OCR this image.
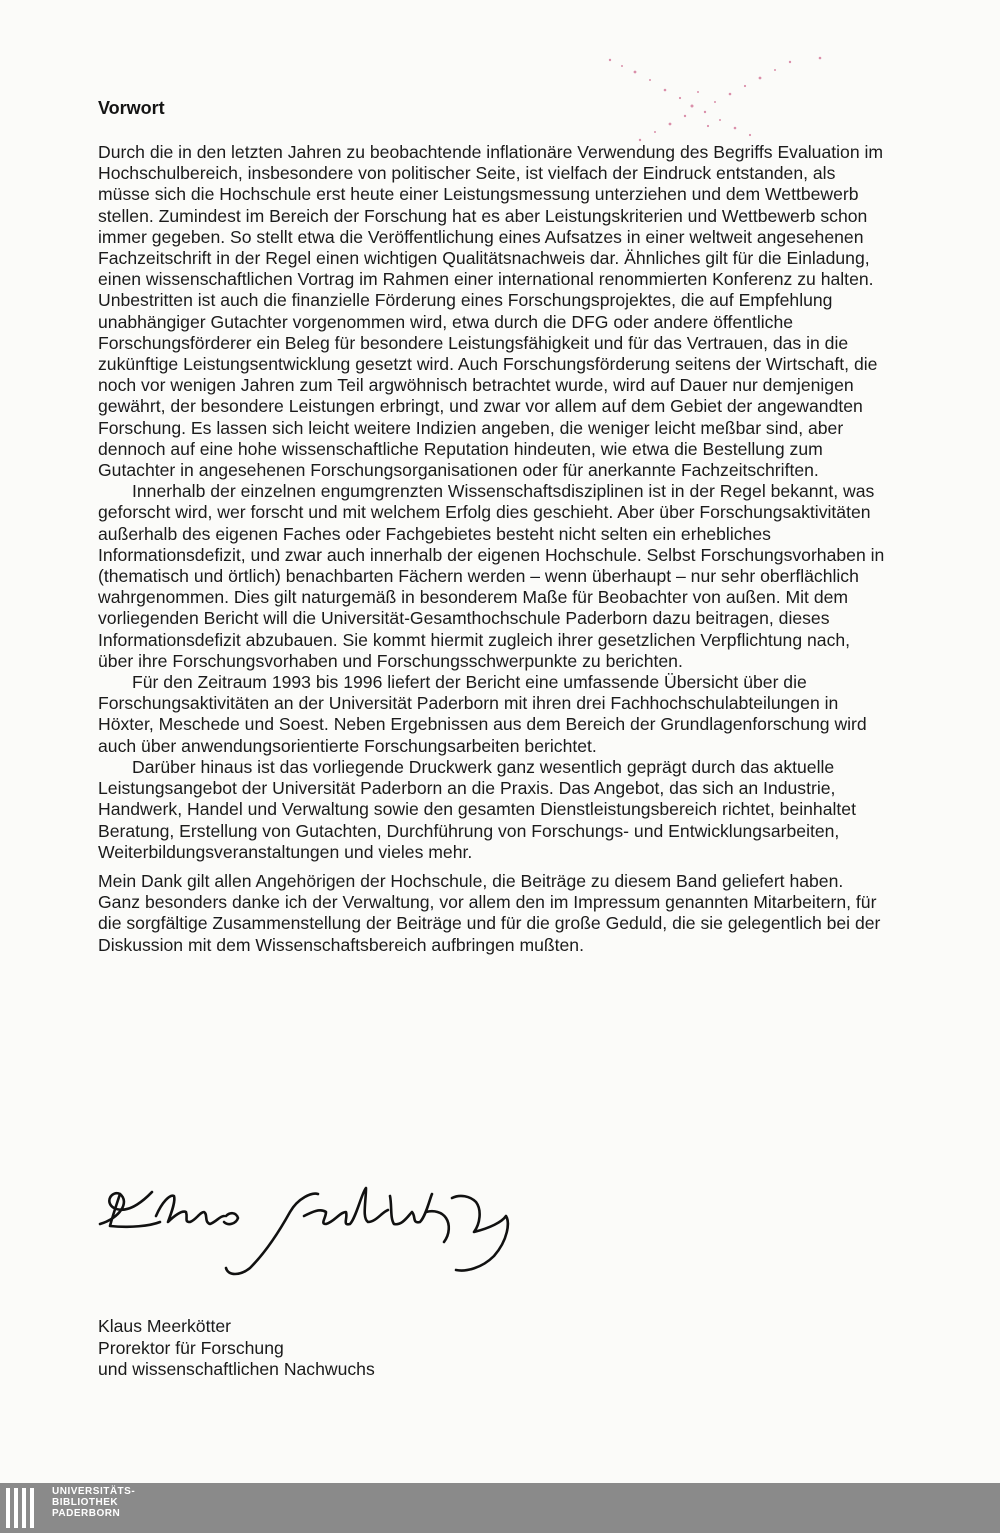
Vorwort

Durch die in den letzten Jahren zu beobachtende inflationäre Verwendung des Begriffs Evaluation im Hochschulbereich, insbesondere von politischer Seite, ist vielfach der Eindruck entstanden, als müsse sich die Hochschule erst heute einer Leistungsmessung unterziehen und dem Wettbewerb stellen. Zumindest im Bereich der Forschung hat es aber Leistungskriterien und Wettbewerb schon immer gegeben. So stellt etwa die Veröffentlichung eines Aufsatzes in einer weltweit angesehenen Fachzeitschrift in der Regel einen wichtigen Qualitätsnachweis dar. Ähnliches gilt für die Einladung, einen wissenschaftlichen Vortrag im Rahmen einer international renommierten Konferenz zu halten. Unbestritten ist auch die finanzielle Förderung eines Forschungsprojektes, die auf Empfehlung unabhängiger Gutachter vorgenommen wird, etwa durch die DFG oder andere öffentliche Forschungsförderer ein Beleg für besondere Leistungsfähigkeit und für das Vertrauen, das in die zukünftige Leistungsentwicklung gesetzt wird. Auch Forschungsförderung seitens der Wirtschaft, die noch vor wenigen Jahren zum Teil argwöhnisch betrachtet wurde, wird auf Dauer nur demjenigen gewährt, der besondere Leistungen erbringt, und zwar vor allem auf dem Gebiet der angewandten Forschung. Es lassen sich leicht weitere Indizien angeben, die weniger leicht meßbar sind, aber dennoch auf eine hohe wissenschaftliche Reputation hindeuten, wie etwa die Bestellung zum Gutachter in angesehenen Forschungsorganisationen oder für anerkannte Fachzeitschriften.

Innerhalb der einzelnen engumgrenzten Wissenschaftsdisziplinen ist in der Regel bekannt, was geforscht wird, wer forscht und mit welchem Erfolg dies geschieht. Aber über Forschungsaktivitäten außerhalb des eigenen Faches oder Fachgebietes besteht nicht selten ein erhebliches Informationsdefizit, und zwar auch innerhalb der eigenen Hochschule. Selbst Forschungsvorhaben in (thematisch und örtlich) benachbarten Fächern werden – wenn überhaupt – nur sehr oberflächlich wahrgenommen. Dies gilt naturgemäß in besonderem Maße für Beobachter von außen. Mit dem vorliegenden Bericht will die Universität-Gesamthochschule Paderborn dazu beitragen, dieses Informationsdefizit abzubauen. Sie kommt hiermit zugleich ihrer gesetzlichen Verpflichtung nach, über ihre Forschungsvorhaben und Forschungsschwerpunkte zu berichten.

Für den Zeitraum 1993 bis 1996 liefert der Bericht eine umfassende Übersicht über die Forschungsaktivitäten an der Universität Paderborn mit ihren drei Fachhochschulabteilungen in Höxter, Meschede und Soest. Neben Ergebnissen aus dem Bereich der Grundlagenforschung wird auch über anwendungsorientierte Forschungsarbeiten berichtet.

Darüber hinaus ist das vorliegende Druckwerk ganz wesentlich geprägt durch das aktuelle Leistungsangebot der Universität Paderborn an die Praxis. Das Angebot, das sich an Industrie, Handwerk, Handel und Verwaltung sowie den gesamten Dienstleistungsbereich richtet, beinhaltet Beratung, Erstellung von Gutachten, Durchführung von Forschungs- und Entwicklungsarbeiten, Weiterbildungsveranstaltungen und vieles mehr.

Mein Dank gilt allen Angehörigen der Hochschule, die Beiträge zu diesem Band geliefert haben. Ganz besonders danke ich der Verwaltung, vor allem den im Impressum genannten Mitarbeitern, für die sorgfältige Zusammenstellung der Beiträge und für die große Geduld, die sie gelegentlich bei der Diskussion mit dem Wissenschaftsbereich aufbringen mußten.

Klaus Meerkötter
Klaus Meerkötter
Prorektor für Forschung
und wissenschaftlichen Nachwuchs
UNIVERSITÄTS-
BIBLIOTHEK
PADERBORN
